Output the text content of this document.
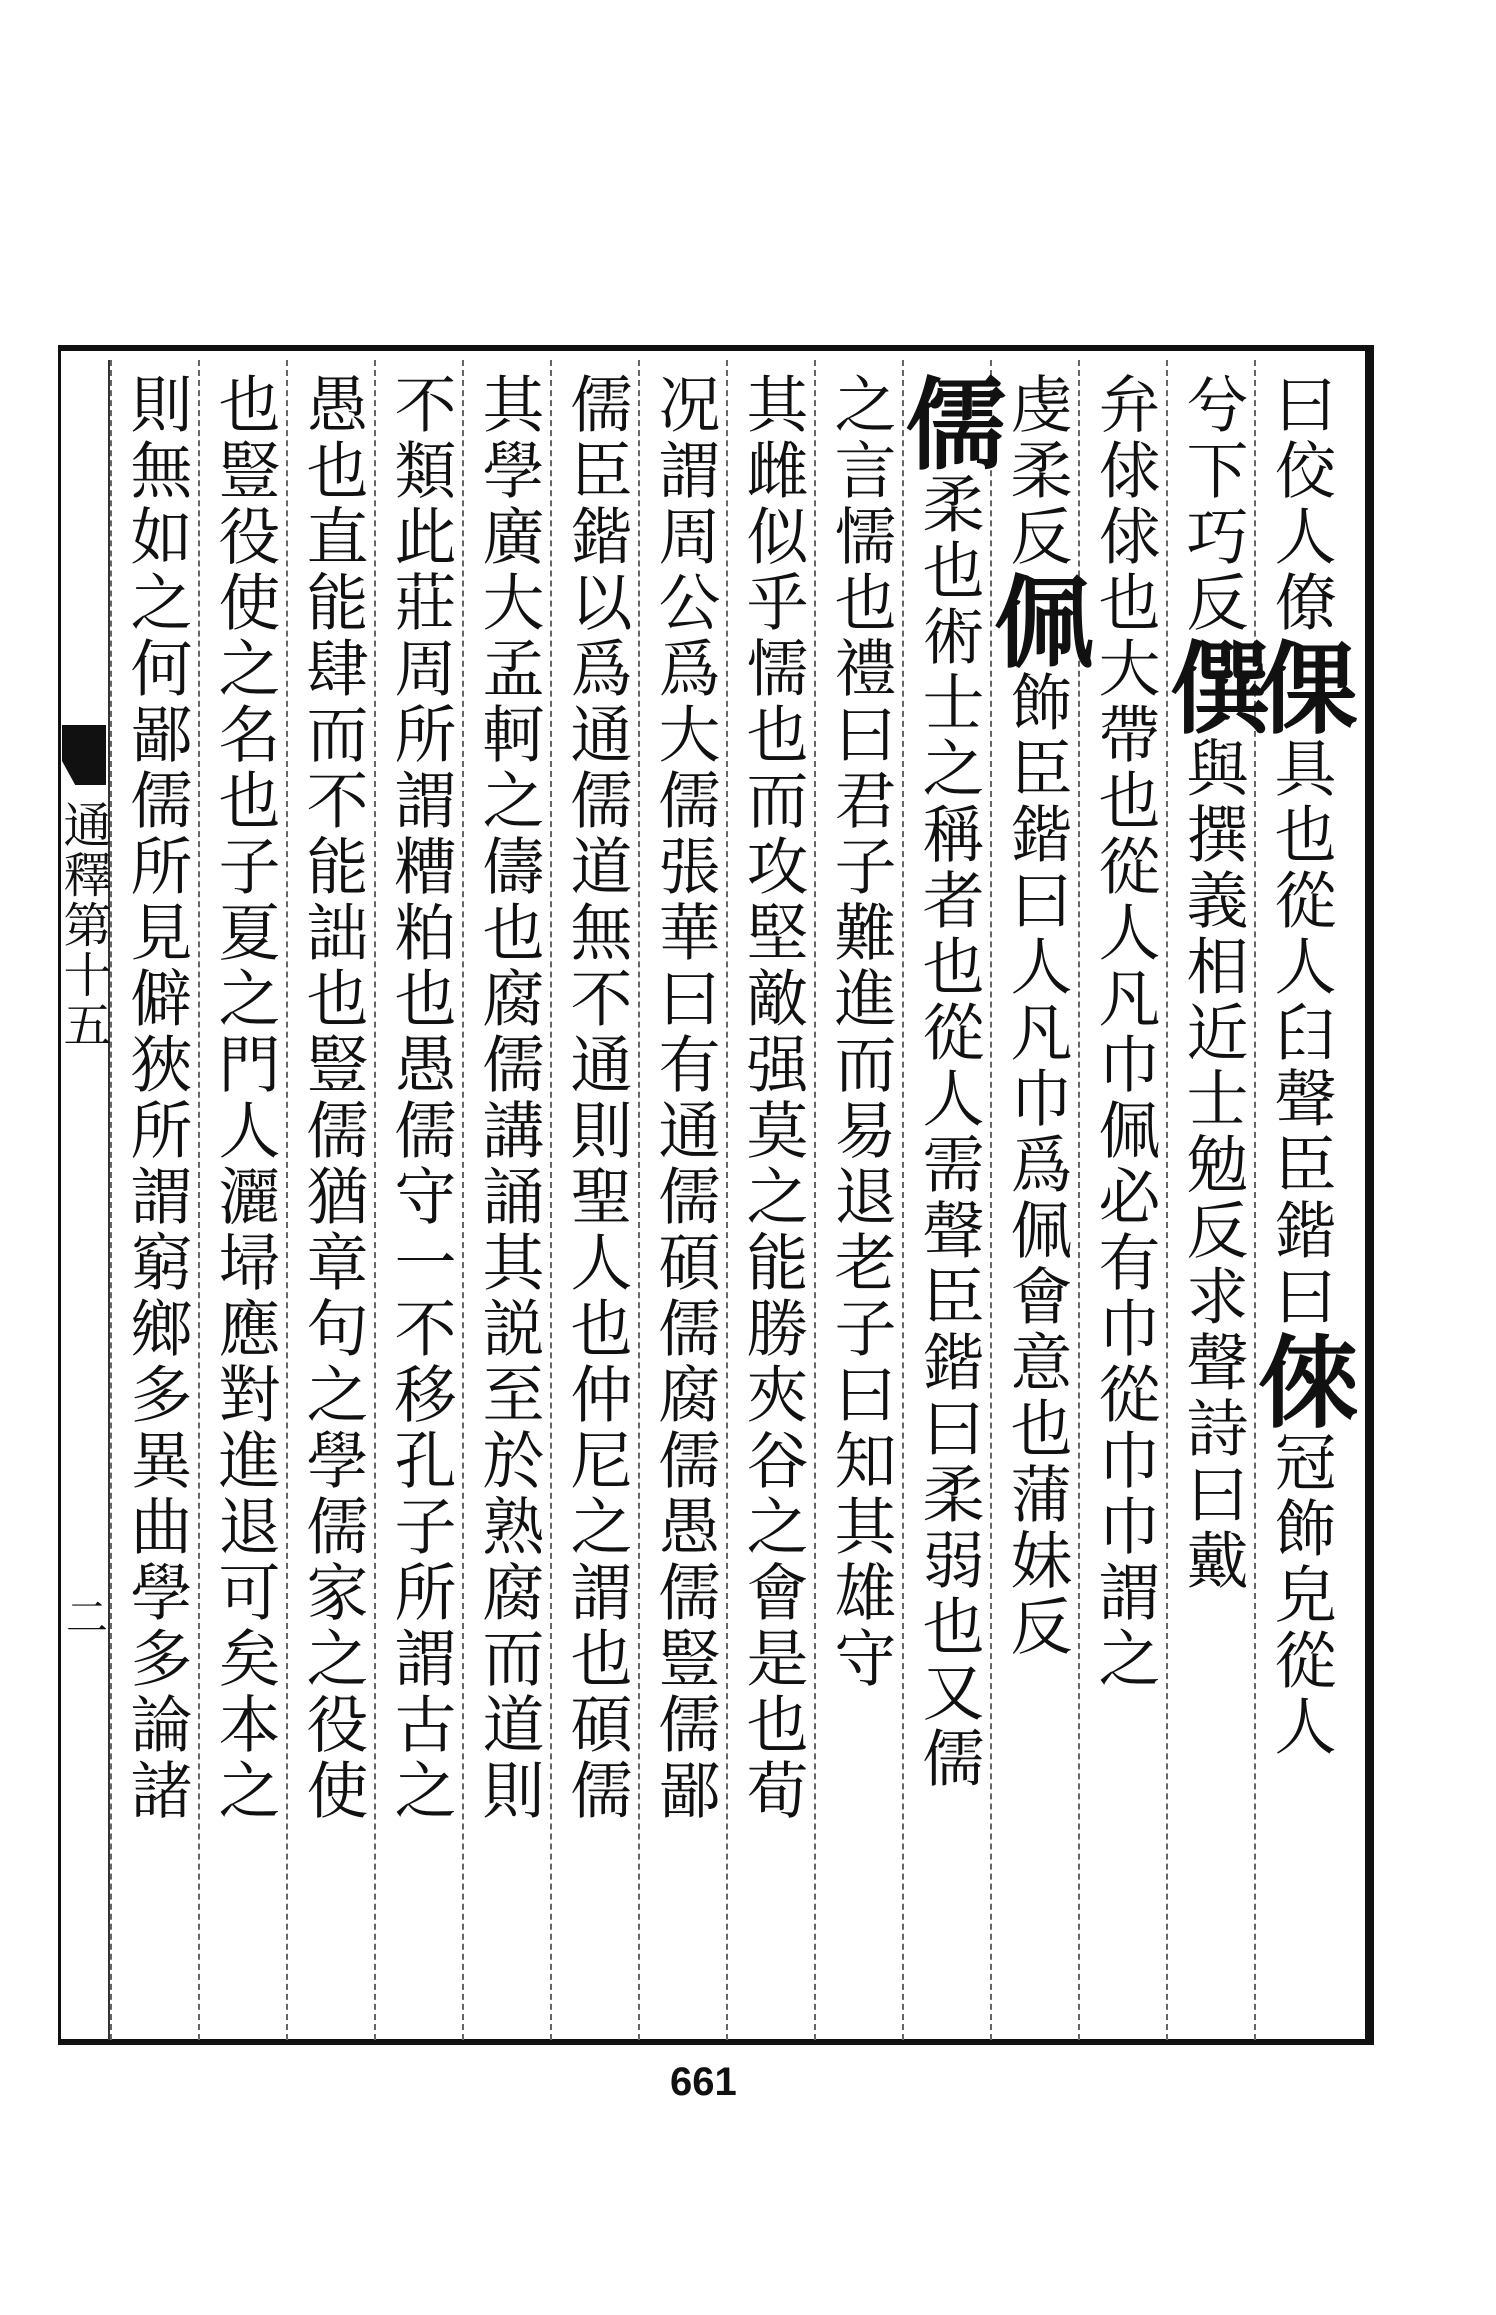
曰佼人僚倮具也從人𦥑聲臣鍇曰倈冠飾皃從人
兮下巧反僎與撰義相近士勉反求聲詩曰戴
弁俅俅也大帶也從人凡巾佩必有巾從巾巾謂之
虔柔反佩飾臣鍇曰人凡巾爲佩會意也蒲妹反
儒柔也術士之稱者也從人需聲臣鍇曰柔弱也又儒
之言懦也禮曰君子難進而易退老子曰知其雄守
其雌似乎懦也而攻堅敵强莫之能勝夾谷之會是也荀
况謂周公爲大儒張華曰有通儒碩儒腐儒愚儒豎儒鄙
儒臣鍇以爲通儒道無不通則聖人也仲尼之謂也碩儒
其學廣大孟軻之儔也腐儒講誦其説至於熟腐而道則
不類此莊周所謂糟粕也愚儒守一不移孔子所謂古之
愚也直能肆而不能詘也豎儒猶章句之學儒家之役使
也豎役使之名也子夏之門人灑埽應對進退可矣本之
則無如之何鄙儒所見僻狹所謂窮鄉多異曲學多論諸
通釋第十五
二
661
